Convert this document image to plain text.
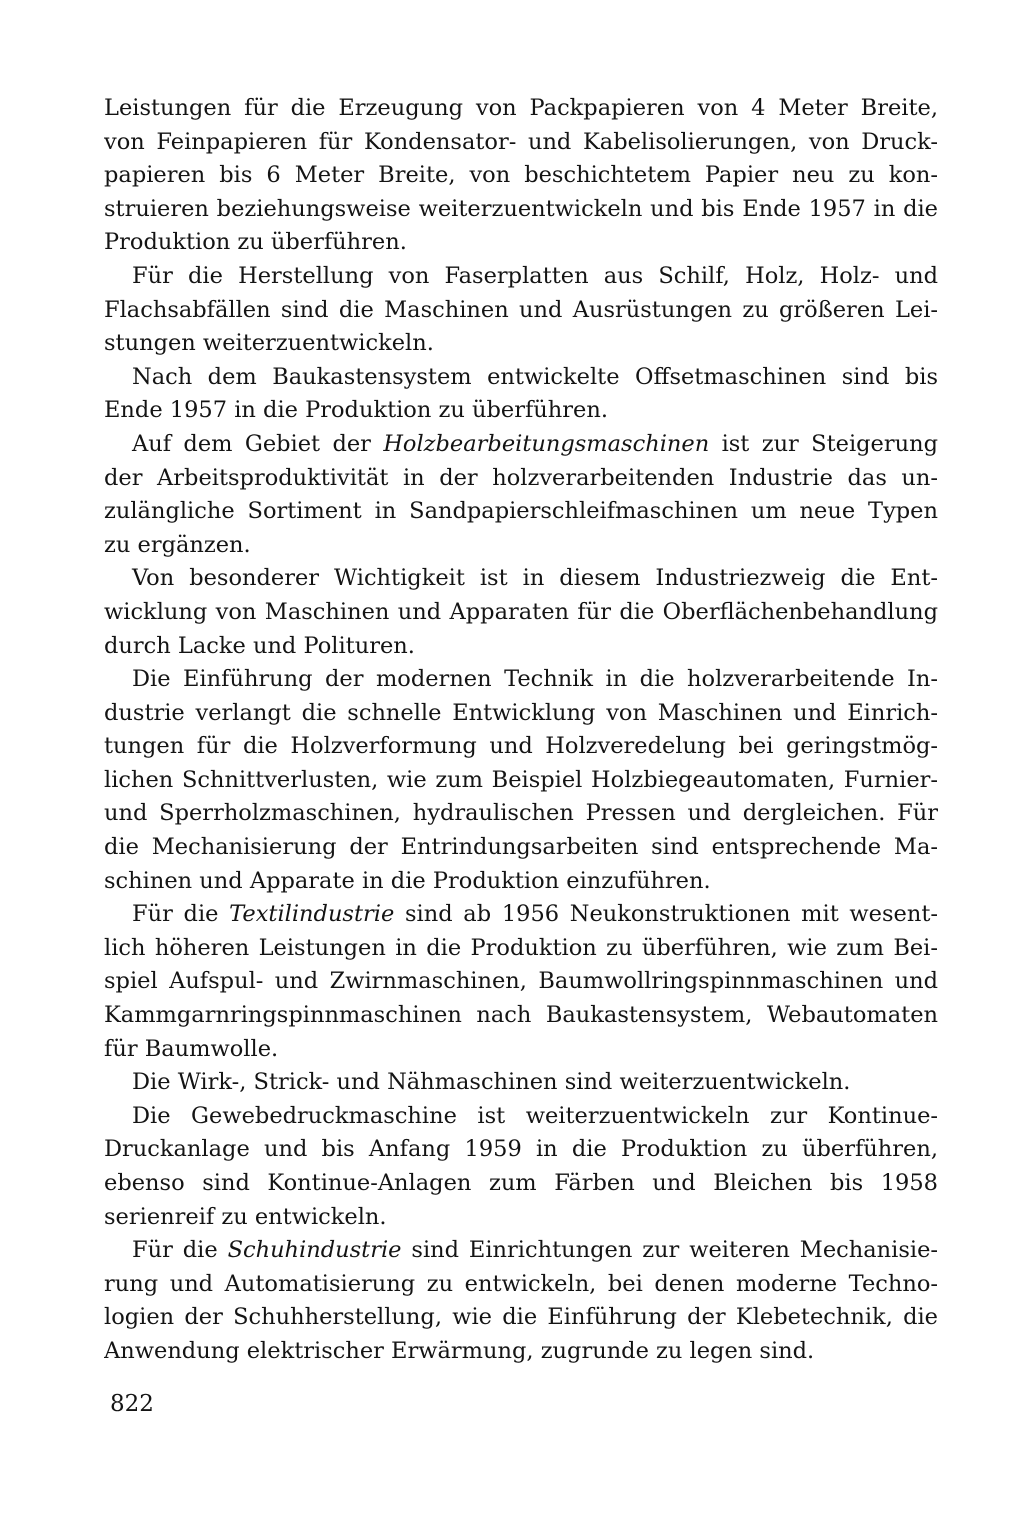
Leistungen für die Erzeugung von Packpapieren von 4 Meter Breite,
von Feinpapieren für Kondensator- und Kabelisolierungen, von Druck-
papieren bis 6 Meter Breite, von beschichtetem Papier neu zu kon-
struieren beziehungsweise weiterzuentwickeln und bis Ende 1957 in die
Produktion zu überführen.
Für die Herstellung von Faserplatten aus Schilf, Holz, Holz- und
Flachsabfällen sind die Maschinen und Ausrüstungen zu größeren Lei-
stungen weiterzuentwickeln.
Nach dem Baukastensystem entwickelte Offsetmaschinen sind bis
Ende 1957 in die Produktion zu überführen.
Auf dem Gebiet der Holzbearbeitungsmaschinen ist zur Steigerung
der Arbeitsproduktivität in der holzverarbeitenden Industrie das un-
zulängliche Sortiment in Sandpapierschleifmaschinen um neue Typen
zu ergänzen.
Von besonderer Wichtigkeit ist in diesem Industriezweig die Ent-
wicklung von Maschinen und Apparaten für die Oberflächenbehandlung
durch Lacke und Polituren.
Die Einführung der modernen Technik in die holzverarbeitende In-
dustrie verlangt die schnelle Entwicklung von Maschinen und Einrich-
tungen für die Holzverformung und Holzveredelung bei geringstmög-
lichen Schnittverlusten, wie zum Beispiel Holzbiegeautomaten, Furnier-
und Sperrholzmaschinen, hydraulischen Pressen und dergleichen. Für
die Mechanisierung der Entrindungsarbeiten sind entsprechende Ma-
schinen und Apparate in die Produktion einzuführen.
Für die Textilindustrie sind ab 1956 Neukonstruktionen mit wesent-
lich höheren Leistungen in die Produktion zu überführen, wie zum Bei-
spiel Aufspul- und Zwirnmaschinen, Baumwollringspinnmaschinen und
Kammgarnringspinnmaschinen nach Baukastensystem, Webautomaten
für Baumwolle.
Die Wirk-, Strick- und Nähmaschinen sind weiterzuentwickeln.
Die Gewebedruckmaschine ist weiterzuentwickeln zur Kontinue-
Druckanlage und bis Anfang 1959 in die Produktion zu überführen,
ebenso sind Kontinue-Anlagen zum Färben und Bleichen bis 1958
serienreif zu entwickeln.
Für die Schuhindustrie sind Einrichtungen zur weiteren Mechanisie-
rung und Automatisierung zu entwickeln, bei denen moderne Techno-
logien der Schuhherstellung, wie die Einführung der Klebetechnik, die
Anwendung elektrischer Erwärmung, zugrunde zu legen sind.
822
